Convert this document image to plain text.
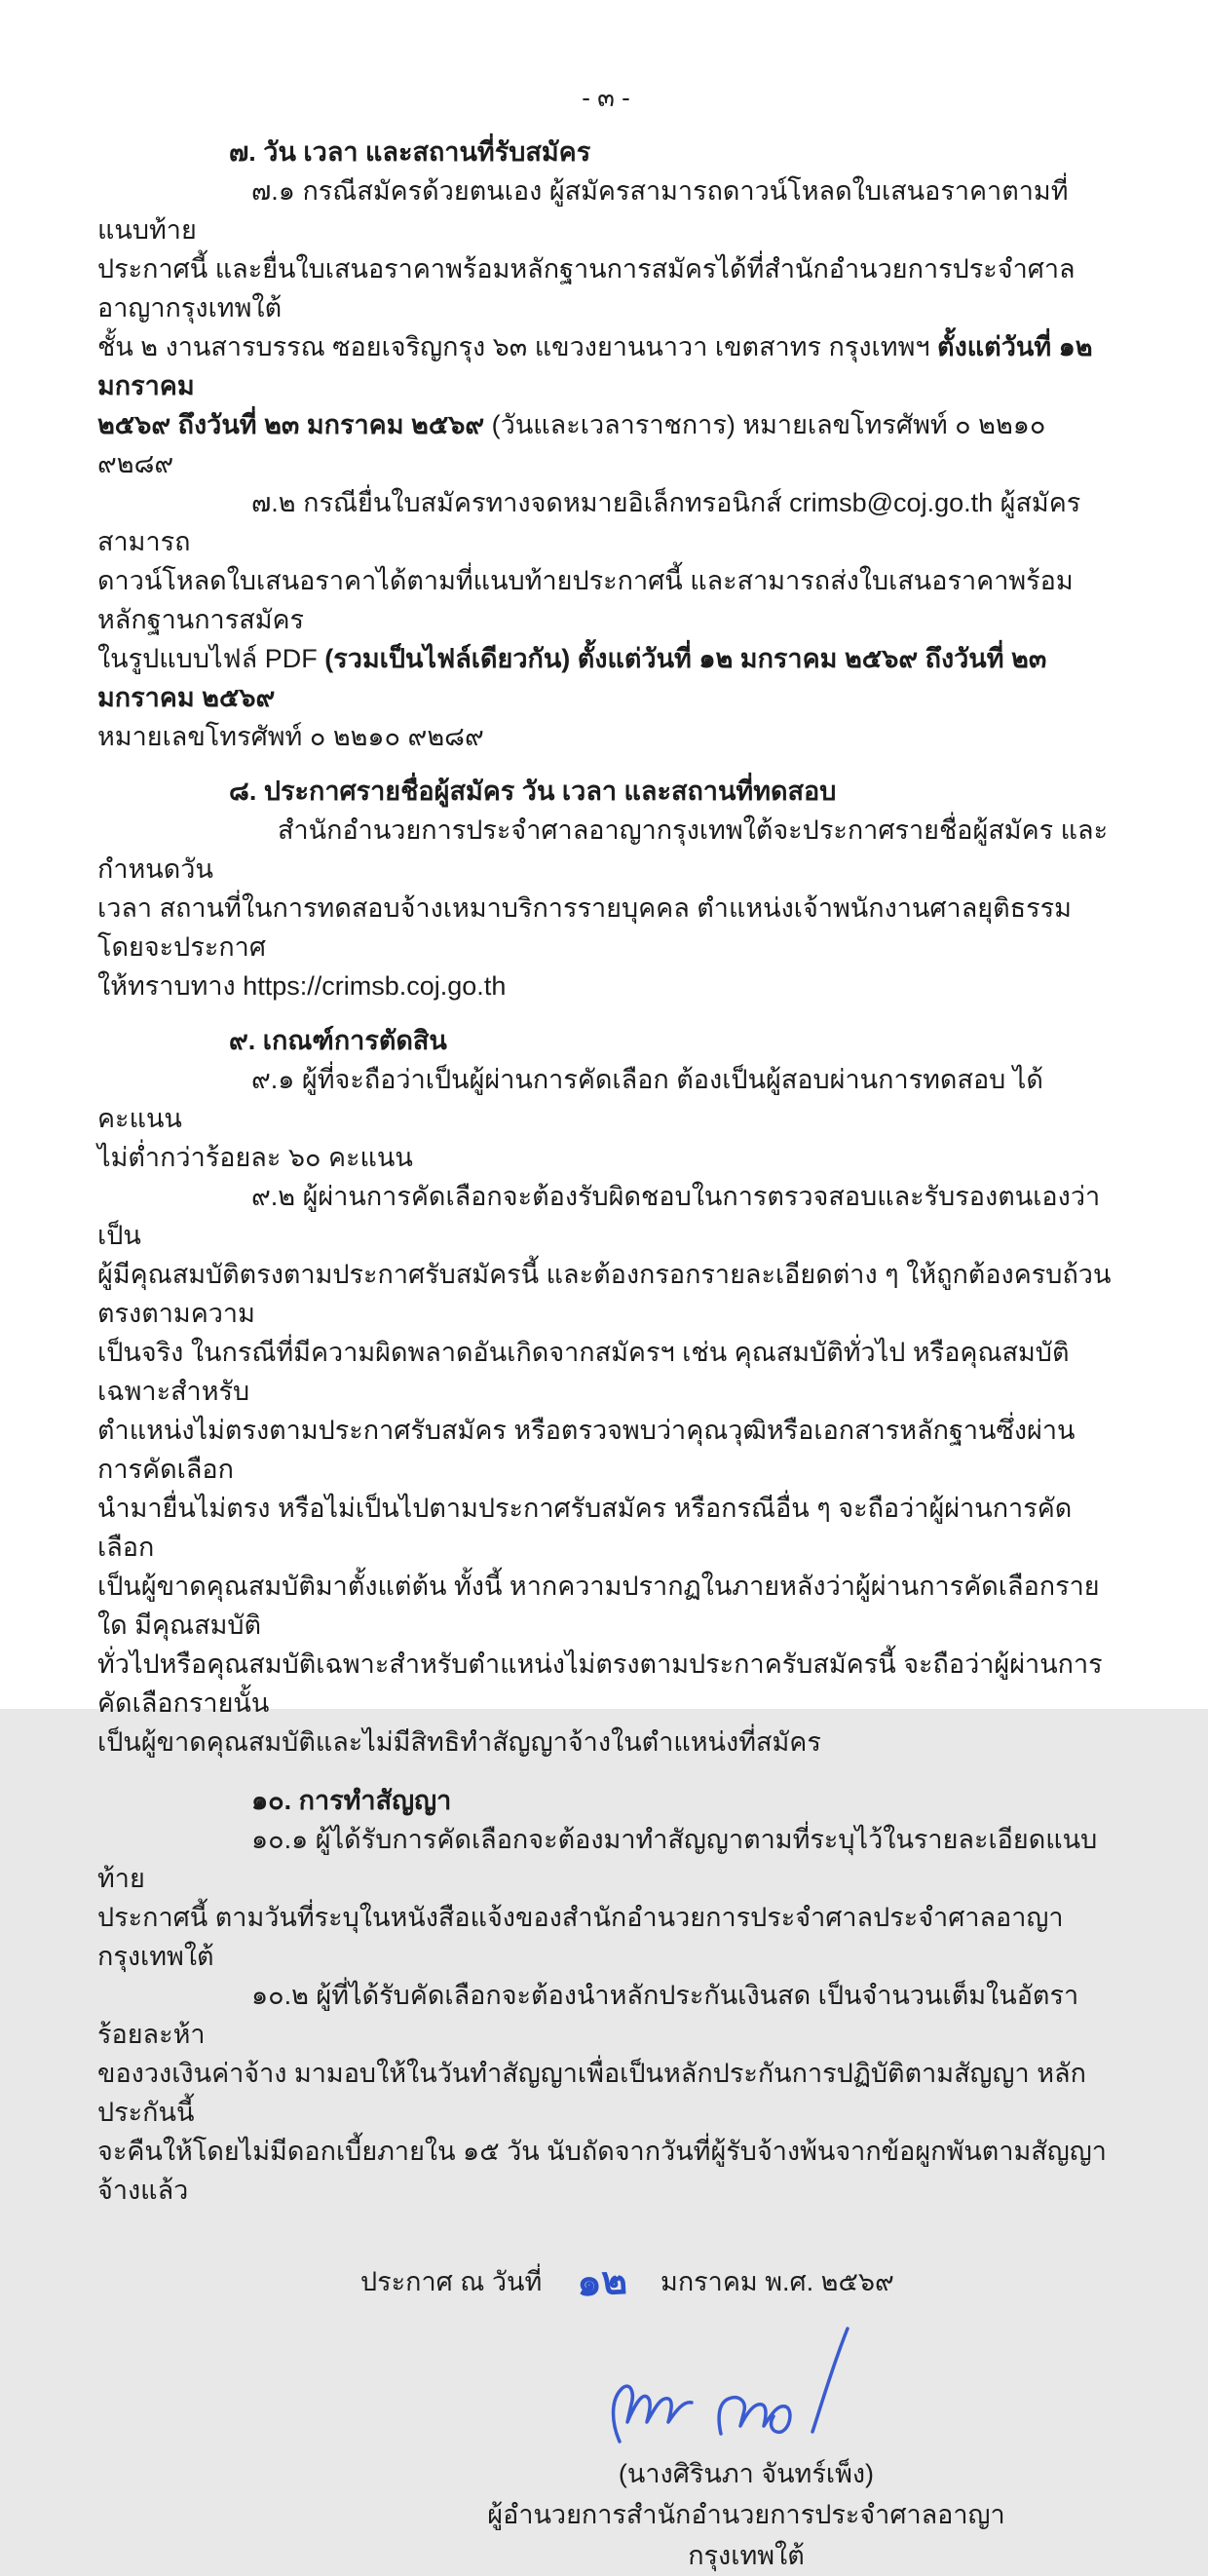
- ๓ -
๗. วัน เวลา และสถานที่รับสมัคร
๗.๑ กรณีสมัครด้วยตนเอง ผู้สมัครสามารถดาวน์โหลดใบเสนอราคาตามที่แนบท้าย
ประกาศนี้ และยื่นใบเสนอราคาพร้อมหลักฐานการสมัครได้ที่สำนักอำนวยการประจำศาลอาญากรุงเทพใต้
ชั้น ๒ งานสารบรรณ ซอยเจริญกรุง ๖๓ แขวงยานนาวา เขตสาทร กรุงเทพฯ ตั้งแต่วันที่ ๑๒ มกราคม
๒๕๖๙ ถึงวันที่ ๒๓ มกราคม ๒๕๖๙ (วันและเวลาราชการ) หมายเลขโทรศัพท์ ๐ ๒๒๑๐ ๙๒๘๙
๗.๒ กรณียื่นใบสมัครทางจดหมายอิเล็กทรอนิกส์ crimsb@coj.go.th ผู้สมัครสามารถ
ดาวน์โหลดใบเสนอราคาได้ตามที่แนบท้ายประกาศนี้ และสามารถส่งใบเสนอราคาพร้อมหลักฐานการสมัคร
ในรูปแบบไฟล์ PDF (รวมเป็นไฟล์เดียวกัน) ตั้งแต่วันที่ ๑๒ มกราคม ๒๕๖๙ ถึงวันที่ ๒๓ มกราคม ๒๕๖๙
หมายเลขโทรศัพท์ ๐ ๒๒๑๐ ๙๒๘๙
๘. ประกาศรายชื่อผู้สมัคร วัน เวลา และสถานที่ทดสอบ
สำนักอำนวยการประจำศาลอาญากรุงเทพใต้จะประกาศรายชื่อผู้สมัคร และกำหนดวัน
เวลา สถานที่ในการทดสอบจ้างเหมาบริการรายบุคคล ตำแหน่งเจ้าพนักงานศาลยุติธรรม โดยจะประกาศ
ให้ทราบทาง https://crimsb.coj.go.th
๙. เกณฑ์การตัดสิน
๙.๑ ผู้ที่จะถือว่าเป็นผู้ผ่านการคัดเลือก ต้องเป็นผู้สอบผ่านการทดสอบ ได้คะแนน
ไม่ต่ำกว่าร้อยละ ๖๐ คะแนน
๙.๒ ผู้ผ่านการคัดเลือกจะต้องรับผิดชอบในการตรวจสอบและรับรองตนเองว่าเป็น
ผู้มีคุณสมบัติตรงตามประกาศรับสมัครนี้ และต้องกรอกรายละเอียดต่าง ๆ ให้ถูกต้องครบถ้วนตรงตามความ
เป็นจริง ในกรณีที่มีความผิดพลาดอันเกิดจากสมัครฯ เช่น คุณสมบัติทั่วไป หรือคุณสมบัติเฉพาะสำหรับ
ตำแหน่งไม่ตรงตามประกาศรับสมัคร หรือตรวจพบว่าคุณวุฒิหรือเอกสารหลักฐานซึ่งผ่านการคัดเลือก
นำมายื่นไม่ตรง หรือไม่เป็นไปตามประกาศรับสมัคร หรือกรณีอื่น ๆ จะถือว่าผู้ผ่านการคัดเลือก
เป็นผู้ขาดคุณสมบัติมาตั้งแต่ต้น ทั้งนี้ หากความปรากฏในภายหลังว่าผู้ผ่านการคัดเลือกรายใด มีคุณสมบัติ
ทั่วไปหรือคุณสมบัติเฉพาะสำหรับตำแหน่งไม่ตรงตามประกาครับสมัครนี้ จะถือว่าผู้ผ่านการคัดเลือกรายนั้น
เป็นผู้ขาดคุณสมบัติและไม่มีสิทธิทำสัญญาจ้างในตำแหน่งที่สมัคร
๑๐. การทำสัญญา
๑๐.๑ ผู้ได้รับการคัดเลือกจะต้องมาทำสัญญาตามที่ระบุไว้ในรายละเอียดแนบท้าย
ประกาศนี้ ตามวันที่ระบุในหนังสือแจ้งของสำนักอำนวยการประจำศาลประจำศาลอาญากรุงเทพใต้
๑๐.๒ ผู้ที่ได้รับคัดเลือกจะต้องนำหลักประกันเงินสด เป็นจำนวนเต็มในอัตราร้อยละห้า
ของวงเงินค่าจ้าง มามอบให้ในวันทำสัญญาเพื่อเป็นหลักประกันการปฏิบัติตามสัญญา หลักประกันนี้
จะคืนให้โดยไม่มีดอกเบี้ยภายใน ๑๕ วัน นับถัดจากวันที่ผู้รับจ้างพ้นจากข้อผูกพันตามสัญญาจ้างแล้ว
ประกาศ ณ วันที่ ๑๒ มกราคม พ.ศ. ๒๕๖๙
(นางศิรินภา จันทร์เพ็ง)
ผู้อำนวยการสำนักอำนวยการประจำศาลอาญากรุงเทพใต้
